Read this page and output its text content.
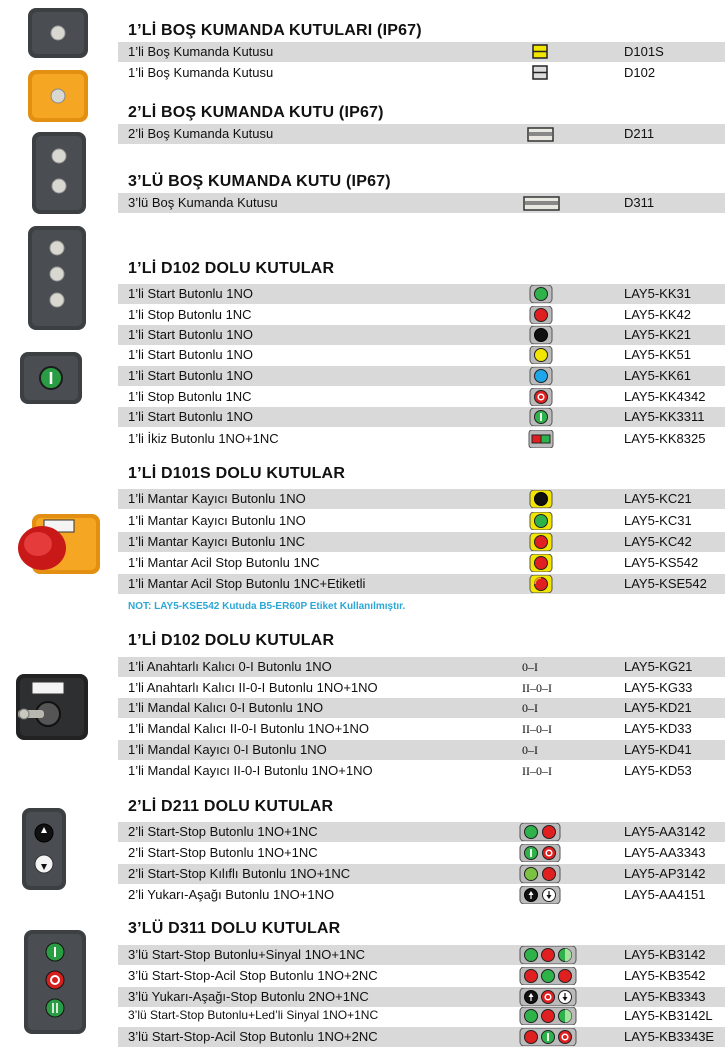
1’Lİ BOŞ KUMANDA KUTULARI (IP67)
2’Lİ BOŞ KUMANDA KUTU (IP67)
3’LÜ BOŞ KUMANDA KUTU (IP67)
1’Lİ D102 DOLU KUTULAR
1’Lİ D101S DOLU KUTULAR
NOT: LAY5-KSE542 Kutuda B5-ER60P Etiket Kullanılmıştır.
1’Lİ D102 DOLU KUTULAR
2’Lİ D211 DOLU KUTULAR
3’LÜ D311 DOLU KUTULAR
1’li Boş Kumanda Kutusu	D101S
1’li Boş Kumanda Kutusu	D102
2’li Boş Kumanda Kutusu	D211
3’lü Boş Kumanda Kutusu	D311
1’li Start Butonlu 1NO	LAY5-KK31
1’li Stop Butonlu 1NC	LAY5-KK42
1’li Start Butonlu 1NO	LAY5-KK21
1’li Start Butonlu 1NO	LAY5-KK51
1’li Start Butonlu 1NO	LAY5-KK61
1’li Stop Butonlu 1NC	LAY5-KK4342
1’li Start Butonlu 1NO	LAY5-KK3311
1’li İkiz Butonlu 1NO+1NC	LAY5-KK8325
1’li Mantar Kayıcı Butonlu 1NO	LAY5-KC21
1’li Mantar Kayıcı Butonlu 1NO	LAY5-KC31
1’li Mantar Kayıcı Butonlu 1NC	LAY5-KC42
1’li Mantar Acil Stop Butonlu 1NC	LAY5-KS542
1’li Mantar Acil Stop Butonlu 1NC+Etiketli	LAY5-KSE542
1’li Anahtarlı Kalıcı 0-I Butonlu 1NO	0–I	LAY5-KG21
1’li Anahtarlı Kalıcı II-0-I Butonlu 1NO+1NO	II–0–I	LAY5-KG33
1’li Mandal Kalıcı 0-I Butonlu 1NO	0–I	LAY5-KD21
1’li Mandal Kalıcı II-0-I Butonlu 1NO+1NO	II–0–I	LAY5-KD33
1’li Mandal Kayıcı 0-I Butonlu 1NO	0–I	LAY5-KD41
1’li Mandal Kayıcı II-0-I Butonlu 1NO+1NO	II–0–I	LAY5-KD53
2’li Start-Stop Butonlu 1NO+1NC	LAY5-AA3142
2’li Start-Stop Butonlu 1NO+1NC	LAY5-AA3343
2’li Start-Stop Kılıflı Butonlu 1NO+1NC	LAY5-AP3142
2’li Yukarı-Aşağı Butonlu 1NO+1NO	LAY5-AA4151
3’lü Start-Stop Butonlu+Sinyal 1NO+1NC	LAY5-KB3142
3’lü Start-Stop-Acil Stop Butonlu 1NO+2NC	LAY5-KB3542
3’lü Yukarı-Aşağı-Stop Butonlu 2NO+1NC	LAY5-KB3343
3’lü Start-Stop Butonlu+Led’li Sinyal 1NO+1NC	LAY5-KB3142L
3’lü Start-Stop-Acil Stop Butonlu 1NO+2NC	LAY5-KB3343E
